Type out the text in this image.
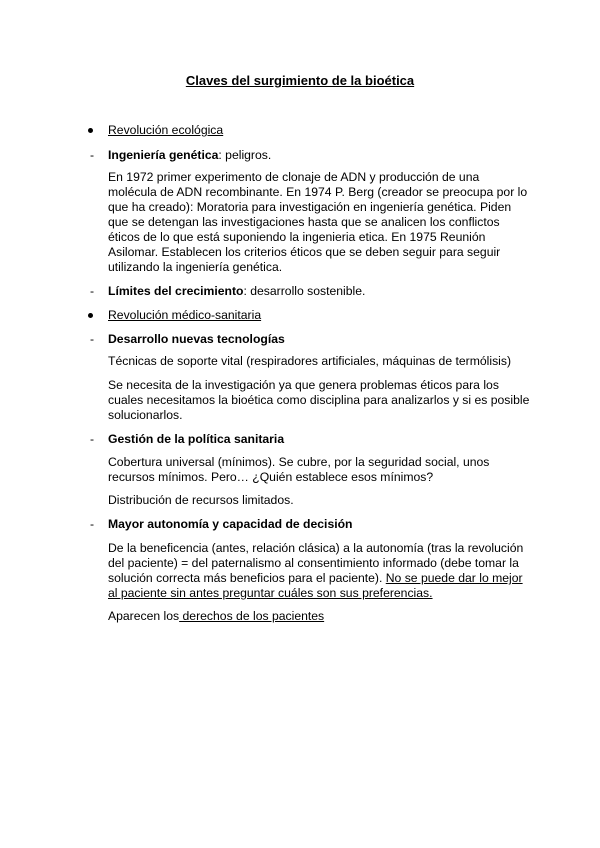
Claves del surgimiento de la bioética
Revolución ecológica
- Ingeniería genética: peligros.
En 1972 primer experimento de clonaje de ADN y producción de una
molécula de ADN recombinante. En 1974 P. Berg (creador se preocupa por lo
que ha creado): Moratoria para investigación en ingeniería genética. Piden
que se detengan las investigaciones hasta que se analicen los conflictos
éticos de lo que está suponiendo la ingenieria etica. En 1975 Reunión
Asilomar. Establecen los criterios éticos que se deben seguir para seguir
utilizando la ingeniería genética.
- Límites del crecimiento: desarrollo sostenible.
Revolución médico-sanitaria
- Desarrollo nuevas tecnologías
Técnicas de soporte vital (respiradores artificiales, máquinas de termólisis)
Se necesita de la investigación ya que genera problemas éticos para los
cuales necesitamos la bioética como disciplina para analizarlos y si es posible
solucionarlos.
- Gestión de la política sanitaria
Cobertura universal (mínimos). Se cubre, por la seguridad social, unos
recursos mínimos. Pero… ¿Quién establece esos mínimos?
Distribución de recursos limitados.
- Mayor autonomía y capacidad de decisión
De la beneficencia (antes, relación clásica) a la autonomía (tras la revolución
del paciente) = del paternalismo al consentimiento informado (debe tomar la
solución correcta más beneficios para el paciente). No se puede dar lo mejor
al paciente sin antes preguntar cuáles son sus preferencias.
Aparecen los derechos de los pacientes
